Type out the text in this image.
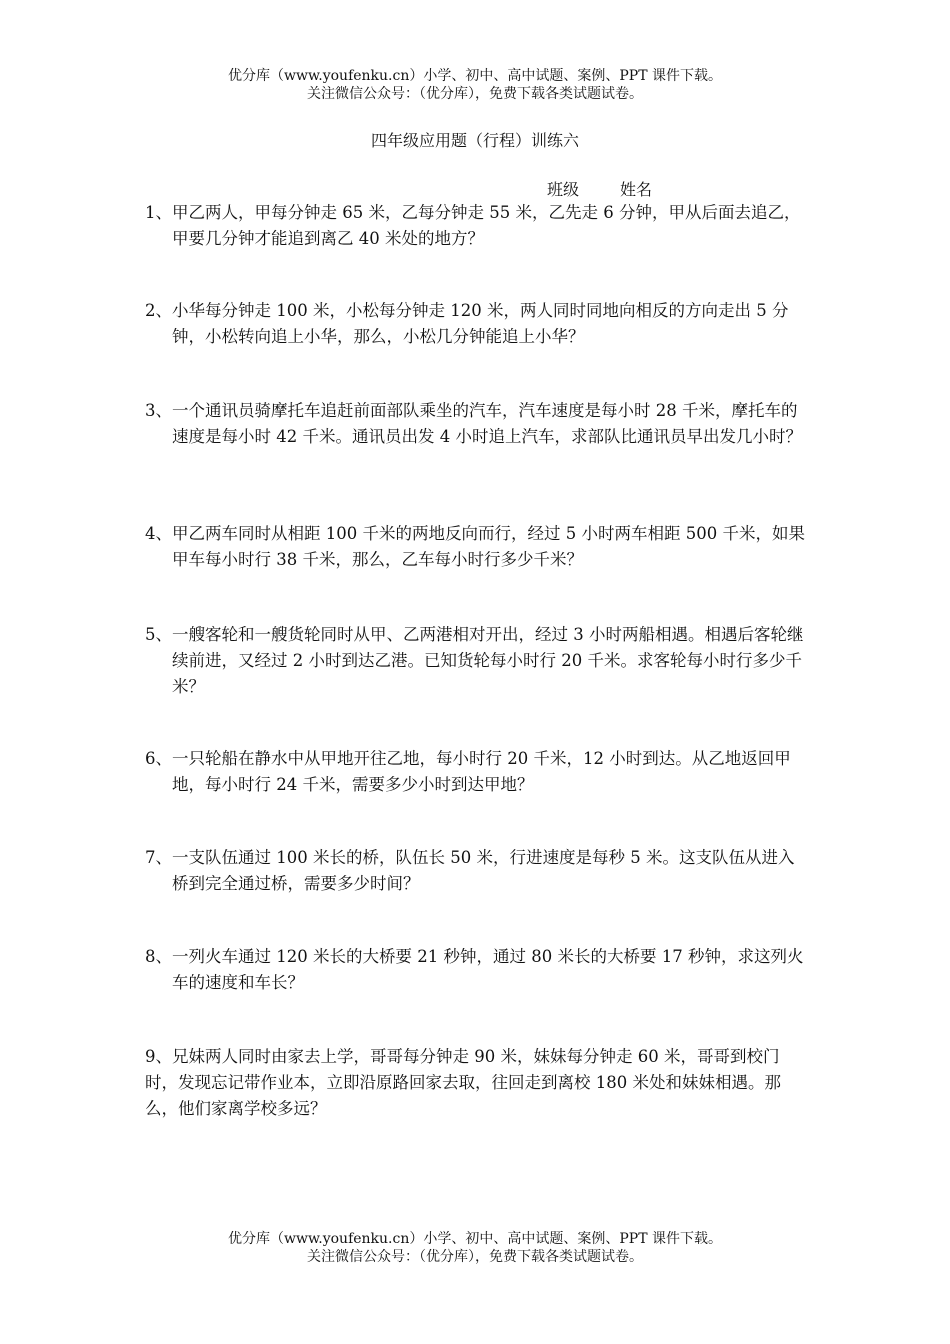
优分库（www.youfenku.cn）小学、初中、高中试题、案例、PPT 课件下载。
关注微信公众号：（优分库），免费下载各类试题试卷。
四年级应用题（行程）训练六
班级	姓名
1、 甲乙两人，甲每分钟走 65 米，乙每分钟走 55 米，乙先走 6 分钟，甲从后面去追乙，甲要几分钟才能追到离乙 40 米处的地方？
2、 小华每分钟走 100 米，小松每分钟走 120 米，两人同时同地向相反的方向走出 5 分钟，小松转向追上小华，那么，小松几分钟能追上小华？
3、 一个通讯员骑摩托车追赶前面部队乘坐的汽车，汽车速度是每小时 28 千米，摩托车的速度是每小时 42 千米。通讯员出发 4 小时追上汽车，求部队比通讯员早出发几小时？
4、 甲乙两车同时从相距 100 千米的两地反向而行，经过 5 小时两车相距 500 千米，如果甲车每小时行 38 千米，那么，乙车每小时行多少千米？
5、 一艘客轮和一艘货轮同时从甲、乙两港相对开出，经过 3 小时两船相遇。相遇后客轮继续前进，又经过 2 小时到达乙港。已知货轮每小时行 20 千米。求客轮每小时行多少千米？
6、 一只轮船在静水中从甲地开往乙地，每小时行 20 千米，12 小时到达。从乙地返回甲地，每小时行 24 千米，需要多少小时到达甲地？
7、 一支队伍通过 100 米长的桥，队伍长 50 米，行进速度是每秒 5 米。这支队伍从进入桥到完全通过桥，需要多少时间？
8、 一列火车通过 120 米长的大桥要 21 秒钟，通过 80 米长的大桥要 17 秒钟，求这列火车的速度和车长？
9、兄妹两人同时由家去上学，哥哥每分钟走 90 米，妹妹每分钟走 60 米，哥哥到校门时，发现忘记带作业本，立即沿原路回家去取，往回走到离校 180 米处和妹妹相遇。那么，他们家离学校多远？
优分库（www.youfenku.cn）小学、初中、高中试题、案例、PPT 课件下载。
关注微信公众号：（优分库），免费下载各类试题试卷。
